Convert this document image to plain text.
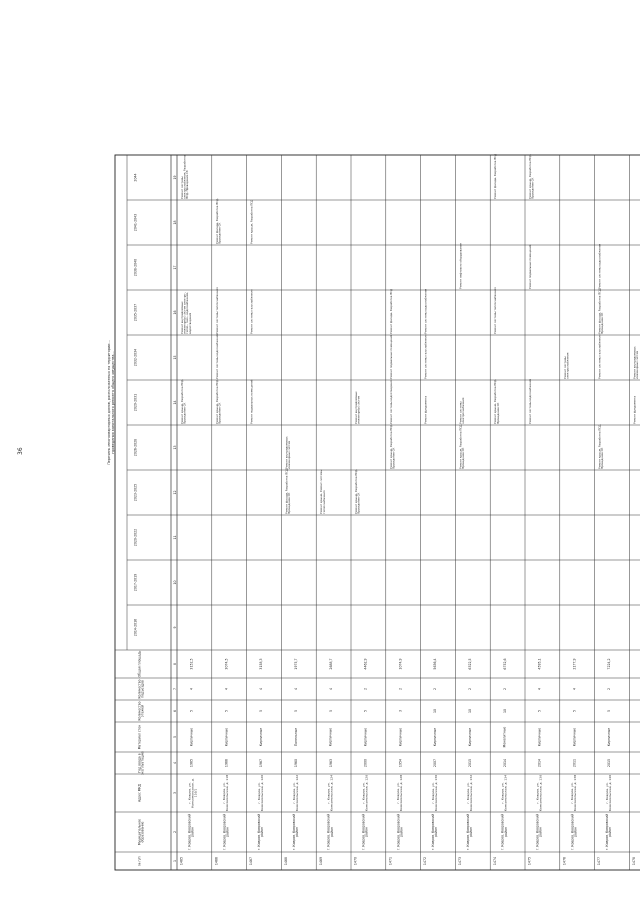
36	Перечень многоквартирных домов, расположенных на территории... проведения капитального ремонта общего имущества...
№ п/п
Муниципальноеобразование
Адрес МКД
Год ввода вэксплуатацию
Материал стен
Количествоэтажей
Количествоподъездов
Общая площадь
2014-2016
2017-2019
2020-2022
2023-2025
2026-2028
2029-2031
2032-2034
2035-2037
2038-2040
2041-2043
2044
1
2
3
4
5
6
7
8
9
10
11
12
13
14
15
16
17
18
19
1465
г. Ковров, Ковровскийрайон
г. Ковров, ул.Комсомольская, д.116/1
1965
Кирпичные
5
4
3152,5
Ремонт крыши, Разработка ПСД,Проведение СК
Ремонт внутридомовыхинженерных систем электро-,тепло-, газо-, водоснабжения,водоотведения
Ремонт системыэлектроснабжения, РазработкаПСД, Проведение СК
1466
г. Ковров, Ковровскийрайон
г. Ковров, ул.Комсомольская, д. 118
1966
Кирпичные
5
4
3074,5
Ремонт крыши, Разработка ПСД,Проведение СК
Ремонт системы водоснабжения
Ремонт системы теплоснабжения
Ремонт фасада, Разработка ПСД,Проведение СК
1467
г. Ковров, Ковровскийрайон
г. Ковров, ул.Комсомольская, д. 120
1967
Кирпичные
5
4
3158,3
Ремонт подвальных помещений
Ремонт системы газоснабжения
Ремонт крыши, Разработка ПСД
1468
г. Ковров, Ковровскийрайон
г. Ковров, ул.Комсомольская, д. 122
1960
Панельные
5
4
1975,7
Ремонт фасада, Разработка ПСД,Проведение СК
Ремонт внутридомовыхинженерных систем
1469
г. Ковров, Ковровскийрайон
г. Ковров, ул.Комсомольская, д. 124
1963
Кирпичные
5
4
2688,7
Ремонт крыши, Ремонт системытеплоснабжения
1470
г. Ковров, Ковровскийрайон
г. Ковров, ул.Комсомольская, д. 126
2000
Кирпичные
5
2
4462,9
Ремонт крыши, Разработка ПСД,Проведение СК
Ремонт внутридомовыхинженерных систем
1471
г. Ковров, Ковровскийрайон
г. Ковров, ул.Комсомольская, д. 128
1954
Кирпичные
3
2
1074,9
Ремонт крыши, Разработка ПСД,Проведение СК
Ремонт системы водоотведения
Ремонт подвальных помещений
Ремонт фасада, Разработка ПСД
1472
г. Ковров, Ковровскийрайон
г. Ковров, ул.Комсомольская, д. 130
2007
Кирпичные
10
2
5636,4
Ремонт фундамента
Ремонт системы газоснабжения
Ремонт системы водоснабжения
1473
г. Ковров, Ковровскийрайон
г. Ковров, ул.Комсомольская, д. 132
2015
Кирпичные
10
2
6322,5
Ремонт крыши, Разработка ПСД,Проведение СК
Ремонт системыэлектроснабжения
Ремонт лифтового оборудования
1474
г. Ковров, Ковровскийрайон
г. Ковров, ул.Комсомольская, д. 134
2014
Монолитные
10
2
6752,6
Ремонт крыши, Разработка ПСД,Проведение СК
Ремонт системы теплоснабжения
Ремонт фасада, Разработка ПСД
1475
г. Ковров, Ковровскийрайон
г. Ковров, ул.Комсомольская, д. 136
2014
Кирпичные
5
4
4595,1
Ремонт системы водоснабжения
Ремонт подвальных помещений
Ремонт крыши, Разработка ПСД,Проведение СК
1476
г. Ковров, Ковровскийрайон
г. Ковров, ул.Комсомольская, д. 138
2011
Кирпичные
5
4
2177,9
Ремонт системыэлектроснабжения
1477
г. Ковров, Ковровскийрайон
г. Ковров, ул.Комсомольская, д. 140
2015
Кирпичные
5
2
7224,2
Ремонт крыши, Разработка ПСД,Проведение СК
Ремонт системы газоснабжения
Ремонт фасада, Разработка ПСД,Проведение СК
Ремонт системы водоснабжения
1478
Ремонт фундамента
Ремонт внутридомовыхинженерных систем
